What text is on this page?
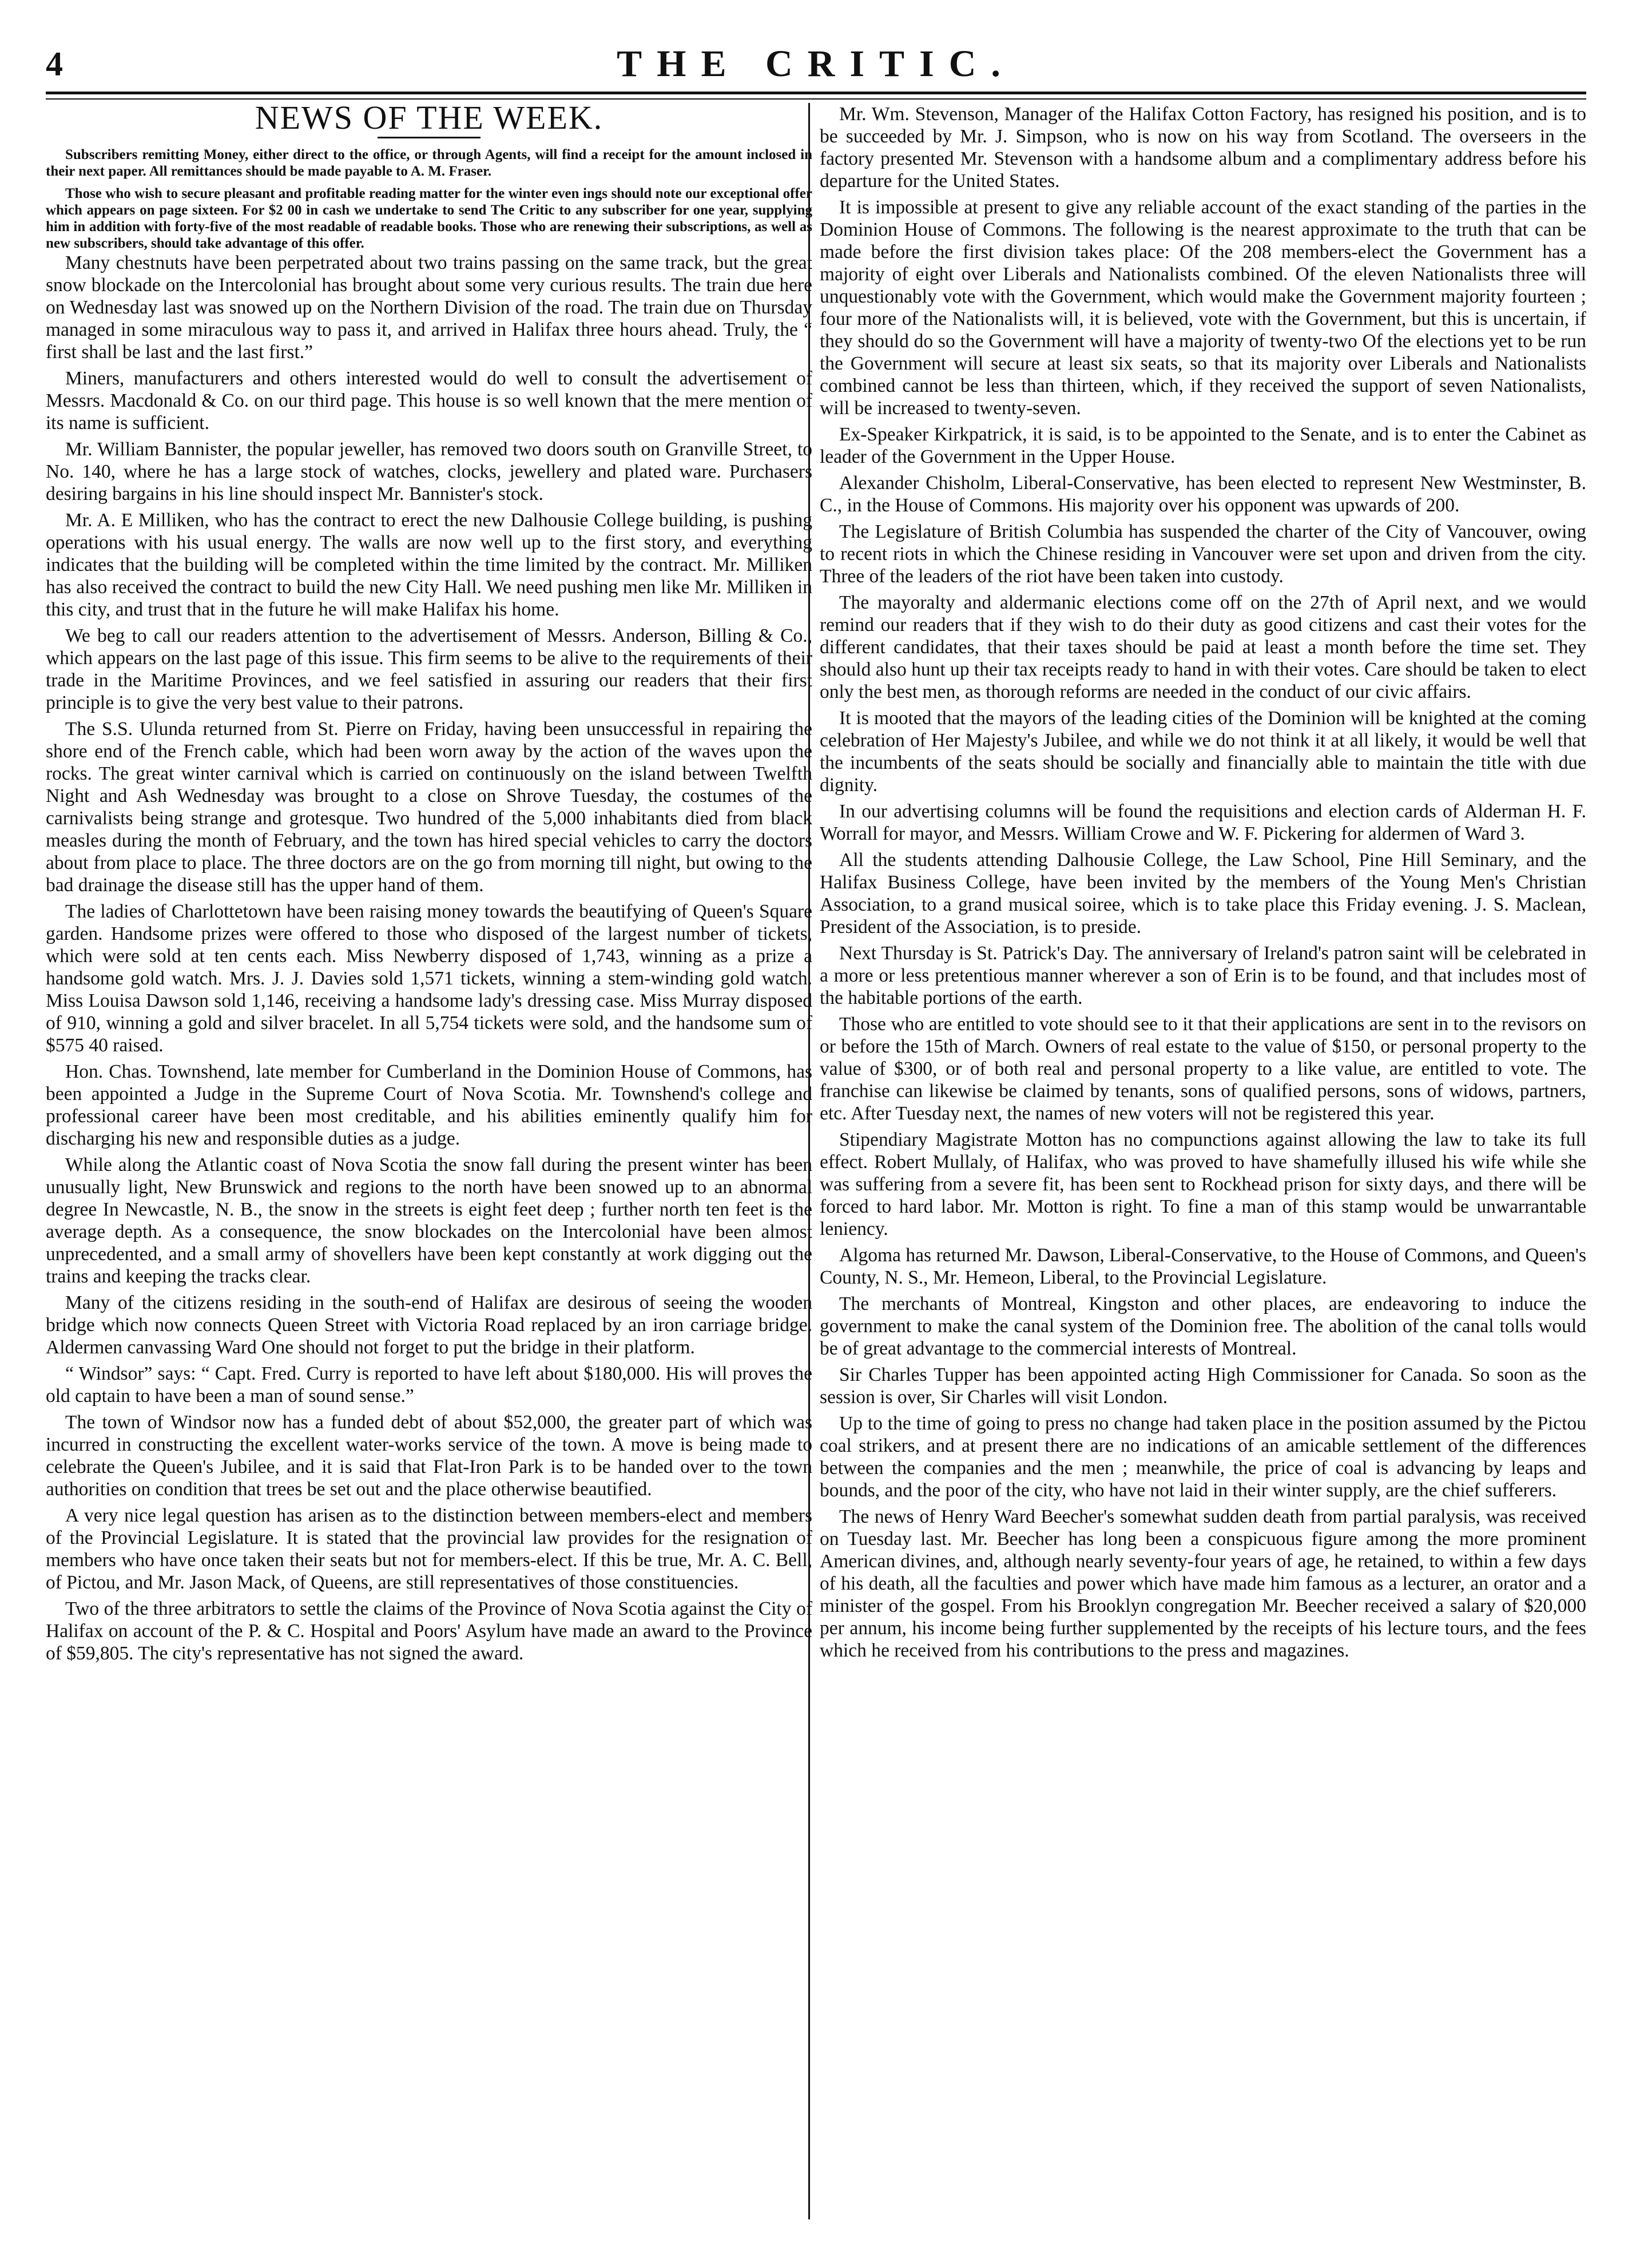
4	THE CRITIC.
NEWS OF THE WEEK.

Subscribers remitting Money, either direct to the office, or through Agents, will find a receipt for the amount inclosed in their next paper. All remittances should be made payable to A. M. Fraser.

Those who wish to secure pleasant and profitable reading matter for the winter even ings should note our exceptional offer which appears on page sixteen. For $2 00 in cash we undertake to send The Critic to any subscriber for one year, supplying him in addition with forty-five of the most readable of readable books. Those who are renewing their subscriptions, as well as new subscribers, should take advantage of this offer.

Many chestnuts have been perpetrated about two trains passing on the same track, but the great snow blockade on the Intercolonial has brought about some very curious results. The train due here on Wednesday last was snowed up on the Northern Division of the road. The train due on Thursday managed in some miraculous way to pass it, and arrived in Halifax three hours ahead. Truly, the “ first shall be last and the last first.”

Miners, manufacturers and others interested would do well to consult the advertisement of Messrs. Macdonald & Co. on our third page. This house is so well known that the mere mention of its name is sufficient.

Mr. William Bannister, the popular jeweller, has removed two doors south on Granville Street, to No. 140, where he has a large stock of watches, clocks, jewellery and plated ware. Purchasers desiring bargains in his line should inspect Mr. Bannister's stock.

Mr. A. E Milliken, who has the contract to erect the new Dalhousie College building, is pushing operations with his usual energy. The walls are now well up to the first story, and everything indicates that the building will be completed within the time limited by the contract. Mr. Milliken has also received the contract to build the new City Hall. We need pushing men like Mr. Milliken in this city, and trust that in the future he will make Halifax his home.

We beg to call our readers attention to the advertisement of Messrs. Anderson, Billing & Co., which appears on the last page of this issue. This firm seems to be alive to the requirements of their trade in the Maritime Provinces, and we feel satisfied in assuring our readers that their first principle is to give the very best value to their patrons.

The S.S. Ulunda returned from St. Pierre on Friday, having been unsuccessful in repairing the shore end of the French cable, which had been worn away by the action of the waves upon the rocks. The great winter carnival which is carried on continuously on the island between Twelfth Night and Ash Wednesday was brought to a close on Shrove Tuesday, the costumes of the carnivalists being strange and grotesque. Two hundred of the 5,000 inhabitants died from black measles during the month of February, and the town has hired special vehicles to carry the doctors about from place to place. The three doctors are on the go from morning till night, but owing to the bad drainage the disease still has the upper hand of them.

The ladies of Charlottetown have been raising money towards the beautifying of Queen's Square garden. Handsome prizes were offered to those who disposed of the largest number of tickets, which were sold at ten cents each. Miss Newberry disposed of 1,743, winning as a prize a handsome gold watch. Mrs. J. J. Davies sold 1,571 tickets, winning a stem-winding gold watch. Miss Louisa Dawson sold 1,146, receiving a handsome lady's dressing case. Miss Murray disposed of 910, winning a gold and silver bracelet. In all 5,754 tickets were sold, and the handsome sum of $575 40 raised.

Hon. Chas. Townshend, late member for Cumberland in the Dominion House of Commons, has been appointed a Judge in the Supreme Court of Nova Scotia. Mr. Townshend's college and professional career have been most creditable, and his abilities eminently qualify him for discharging his new and responsible duties as a judge.

While along the Atlantic coast of Nova Scotia the snow fall during the present winter has been unusually light, New Brunswick and regions to the north have been snowed up to an abnormal degree In Newcastle, N. B., the snow in the streets is eight feet deep ; further north ten feet is the average depth. As a consequence, the snow blockades on the Intercolonial have been almost unprecedented, and a small army of shovellers have been kept constantly at work digging out the trains and keeping the tracks clear.

Many of the citizens residing in the south-end of Halifax are desirous of seeing the wooden bridge which now connects Queen Street with Victoria Road replaced by an iron carriage bridge. Aldermen canvassing Ward One should not forget to put the bridge in their platform.

“ Windsor” says: “ Capt. Fred. Curry is reported to have left about $180,000. His will proves the old captain to have been a man of sound sense.”

The town of Windsor now has a funded debt of about $52,000, the greater part of which was incurred in constructing the excellent water-works service of the town. A move is being made to celebrate the Queen's Jubilee, and it is said that Flat-Iron Park is to be handed over to the town authorities on condition that trees be set out and the place otherwise beautified.

A very nice legal question has arisen as to the distinction between members-elect and members of the Provincial Legislature. It is stated that the provincial law provides for the resignation of members who have once taken their seats but not for members-elect. If this be true, Mr. A. C. Bell, of Pictou, and Mr. Jason Mack, of Queens, are still representatives of those constituencies.

Two of the three arbitrators to settle the claims of the Province of Nova Scotia against the City of Halifax on account of the P. & C. Hospital and Poors' Asylum have made an award to the Province of $59,805. The city's representative has not signed the award.

Mr. Wm. Stevenson, Manager of the Halifax Cotton Factory, has resigned his position, and is to be succeeded by Mr. J. Simpson, who is now on his way from Scotland. The overseers in the factory presented Mr. Stevenson with a handsome album and a complimentary address before his departure for the United States.

It is impossible at present to give any reliable account of the exact standing of the parties in the Dominion House of Commons. The following is the nearest approximate to the truth that can be made before the first division takes place: Of the 208 members-elect the Government has a majority of eight over Liberals and Nationalists combined. Of the eleven Nationalists three will unquestionably vote with the Government, which would make the Government majority fourteen ; four more of the Nationalists will, it is believed, vote with the Government, but this is uncertain, if they should do so the Government will have a majority of twenty-two Of the elections yet to be run the Government will secure at least six seats, so that its majority over Liberals and Nationalists combined cannot be less than thirteen, which, if they received the support of seven Nationalists, will be increased to twenty-seven.

Ex-Speaker Kirkpatrick, it is said, is to be appointed to the Senate, and is to enter the Cabinet as leader of the Government in the Upper House.

Alexander Chisholm, Liberal-Conservative, has been elected to represent New Westminster, B. C., in the House of Commons. His majority over his opponent was upwards of 200.

The Legislature of British Columbia has suspended the charter of the City of Vancouver, owing to recent riots in which the Chinese residing in Vancouver were set upon and driven from the city. Three of the leaders of the riot have been taken into custody.

The mayoralty and aldermanic elections come off on the 27th of April next, and we would remind our readers that if they wish to do their duty as good citizens and cast their votes for the different candidates, that their taxes should be paid at least a month before the time set. They should also hunt up their tax receipts ready to hand in with their votes. Care should be taken to elect only the best men, as thorough reforms are needed in the conduct of our civic affairs.

It is mooted that the mayors of the leading cities of the Dominion will be knighted at the coming celebration of Her Majesty's Jubilee, and while we do not think it at all likely, it would be well that the incumbents of the seats should be socially and financially able to maintain the title with due dignity.

In our advertising columns will be found the requisitions and election cards of Alderman H. F. Worrall for mayor, and Messrs. William Crowe and W. F. Pickering for aldermen of Ward 3.

All the students attending Dalhousie College, the Law School, Pine Hill Seminary, and the Halifax Business College, have been invited by the members of the Young Men's Christian Association, to a grand musical soiree, which is to take place this Friday evening. J. S. Maclean, President of the Association, is to preside.

Next Thursday is St. Patrick's Day. The anniversary of Ireland's patron saint will be celebrated in a more or less pretentious manner wherever a son of Erin is to be found, and that includes most of the habitable portions of the earth.

Those who are entitled to vote should see to it that their applications are sent in to the revisors on or before the 15th of March. Owners of real estate to the value of $150, or personal property to the value of $300, or of both real and personal property to a like value, are entitled to vote. The franchise can likewise be claimed by tenants, sons of qualified persons, sons of widows, partners, etc. After Tuesday next, the names of new voters will not be registered this year.

Stipendiary Magistrate Motton has no compunctions against allowing the law to take its full effect. Robert Mullaly, of Halifax, who was proved to have shamefully illused his wife while she was suffering from a severe fit, has been sent to Rockhead prison for sixty days, and there will be forced to hard labor. Mr. Motton is right. To fine a man of this stamp would be unwarrantable leniency.

Algoma has returned Mr. Dawson, Liberal-Conservative, to the House of Commons, and Queen's County, N. S., Mr. Hemeon, Liberal, to the Provincial Legislature.

The merchants of Montreal, Kingston and other places, are endeavoring to induce the government to make the canal system of the Dominion free. The abolition of the canal tolls would be of great advantage to the commercial interests of Montreal.

Sir Charles Tupper has been appointed acting High Commissioner for Canada. So soon as the session is over, Sir Charles will visit London.

Up to the time of going to press no change had taken place in the position assumed by the Pictou coal strikers, and at present there are no indications of an amicable settlement of the differences between the companies and the men ; meanwhile, the price of coal is advancing by leaps and bounds, and the poor of the city, who have not laid in their winter supply, are the chief sufferers.

The news of Henry Ward Beecher's somewhat sudden death from partial paralysis, was received on Tuesday last. Mr. Beecher has long been a conspicuous figure among the more prominent American divines, and, although nearly seventy-four years of age, he retained, to within a few days of his death, all the faculties and power which have made him famous as a lecturer, an orator and a minister of the gospel. From his Brooklyn congregation Mr. Beecher received a salary of $20,000 per annum, his income being further supplemented by the receipts of his lecture tours, and the fees which he received from his contributions to the press and magazines.
